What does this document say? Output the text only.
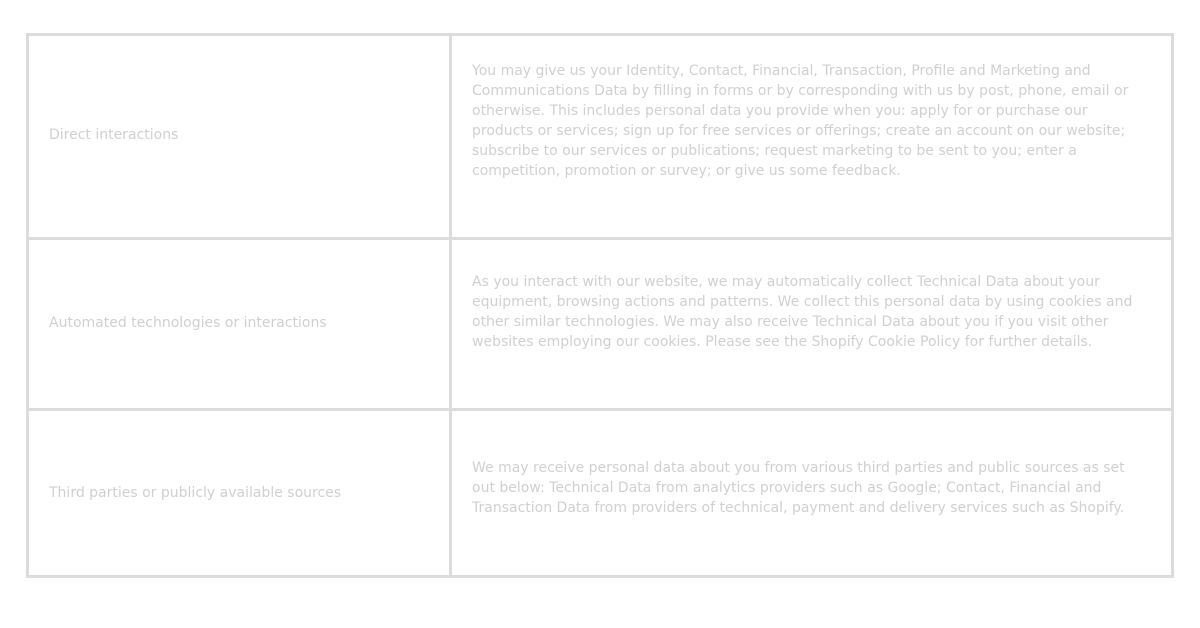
Direct interactions	You may give us your Identity, Contact, Financial, Transaction, Profile and Marketing and Communications Data by filling in forms or by corresponding with us by post, phone, email or otherwise. This includes personal data you provide when you: apply for or purchase our products or services; sign up for free services or offerings; create an account on our website; subscribe to our services or publications; request marketing to be sent to you; enter a competition, promotion or survey; or give us some feedback.
Automated technologies or interactions	As you interact with our website, we may automatically collect Technical Data about your equipment, browsing actions and patterns. We collect this personal data by using cookies and other similar technologies. We may also receive Technical Data about you if you visit other websites employing our cookies. Please see the Shopify Cookie Policy for further details.
Third parties or publicly available sources	We may receive personal data about you from various third parties and public sources as set out below: Technical Data from analytics providers such as Google; Contact, Financial and Transaction Data from providers of technical, payment and delivery services such as Shopify.
